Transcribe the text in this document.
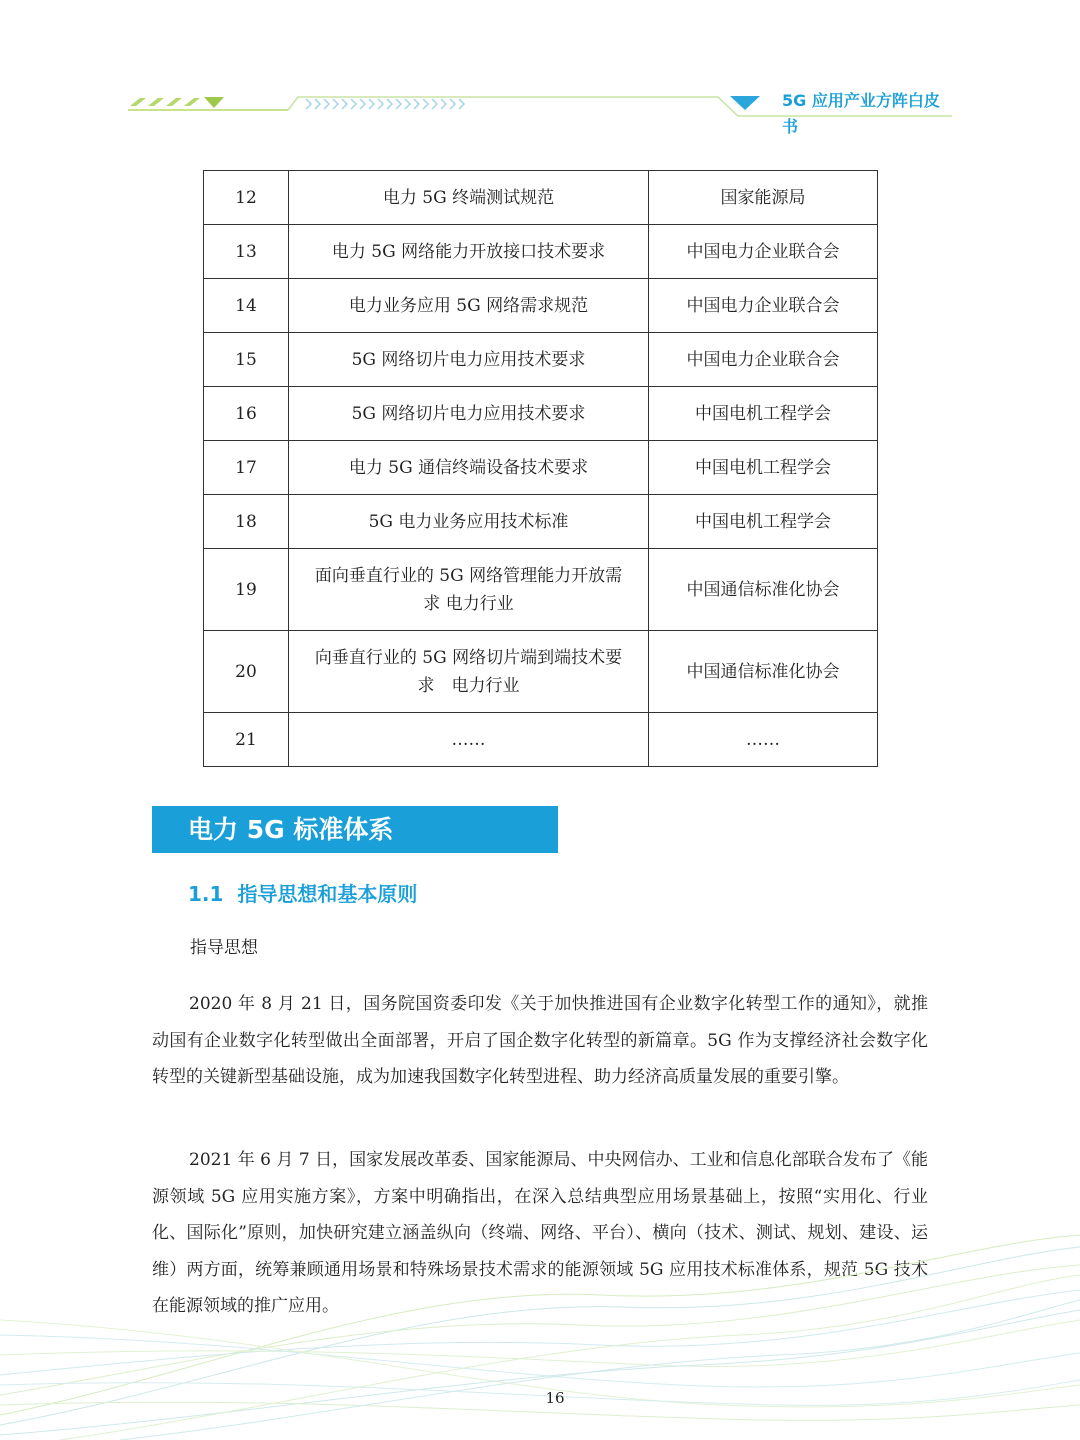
5G 应用产业方阵白皮书
12	电力 5G 终端测试规范	国家能源局
13	电力 5G 网络能力开放接口技术要求	中国电力企业联合会
14	电力业务应用 5G 网络需求规范	中国电力企业联合会
15	5G 网络切片电力应用技术要求	中国电力企业联合会
16	5G 网络切片电力应用技术要求	中国电机工程学会
17	电力 5G 通信终端设备技术要求	中国电机工程学会
18	5G 电力业务应用技术标准	中国电机工程学会
19	面向垂直行业的 5G 网络管理能力开放需
求 电力行业	中国通信标准化协会
20	向垂直行业的 5G 网络切片端到端技术要
求　电力行业	中国通信标准化协会
21	……	……
电力 5G 标准体系
1.1 指导思想和基本原则
指导思想

2020 年 8 月 21 日，国务院国资委印发《关于加快推进国有企业数字化转型工作的通知》，就推动国有企业数字化转型做出全面部署，开启了国企数字化转型的新篇章。5G 作为支撑经济社会数字化转型的关键新型基础设施，成为加速我国数字化转型进程、助力经济高质量发展的重要引擎。

2021 年 6 月 7 日，国家发展改革委、国家能源局、中央网信办、工业和信息化部联合发布了《能源领域 5G 应用实施方案》，方案中明确指出，在深入总结典型应用场景基础上，按照“实用化、行业化、国际化”原则，加快研究建立涵盖纵向（终端、网络、平台）、横向（技术、测试、规划、建设、运维）两方面，统筹兼顾通用场景和特殊场景技术需求的能源领域 5G 应用技术标准体系，规范 5G 技术在能源领域的推广应用。

16
